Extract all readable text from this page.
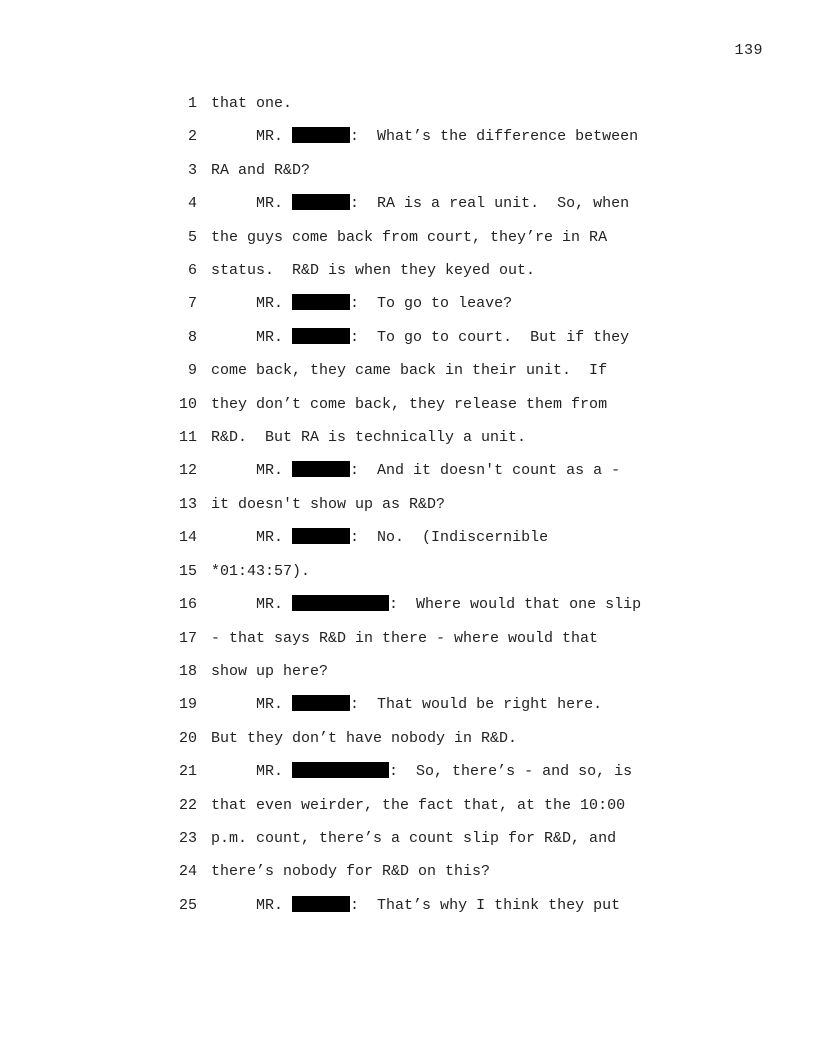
139
1 that one.
2	MR.	:  What’s the difference between
3 RA and R&D?
4	MR.	:  RA is a real unit.  So, when
5 the guys come back from court, they’re in RA
6 status.  R&D is when they keyed out.
7	MR.	:  To go to leave?
8	MR.	:  To go to court.  But if they
9 come back, they came back in their unit.  If
10 they don’t come back, they release them from
11 R&D.  But RA is technically a unit.
12	MR.	:  And it doesn't count as a -
13 it doesn't show up as R&D?
14	MR.	:  No.  (Indiscernible
15 *01:43:57).
16	MR.	:  Where would that one slip
17 - that says R&D in there - where would that
18 show up here?
19	MR.	:  That would be right here.
20 But they don’t have nobody in R&D.
21	MR.	:  So, there’s - and so, is
22 that even weirder, the fact that, at the 10:00
23 p.m. count, there’s a count slip for R&D, and
24 there’s nobody for R&D on this?
25	MR.	:  That’s why I think they put
